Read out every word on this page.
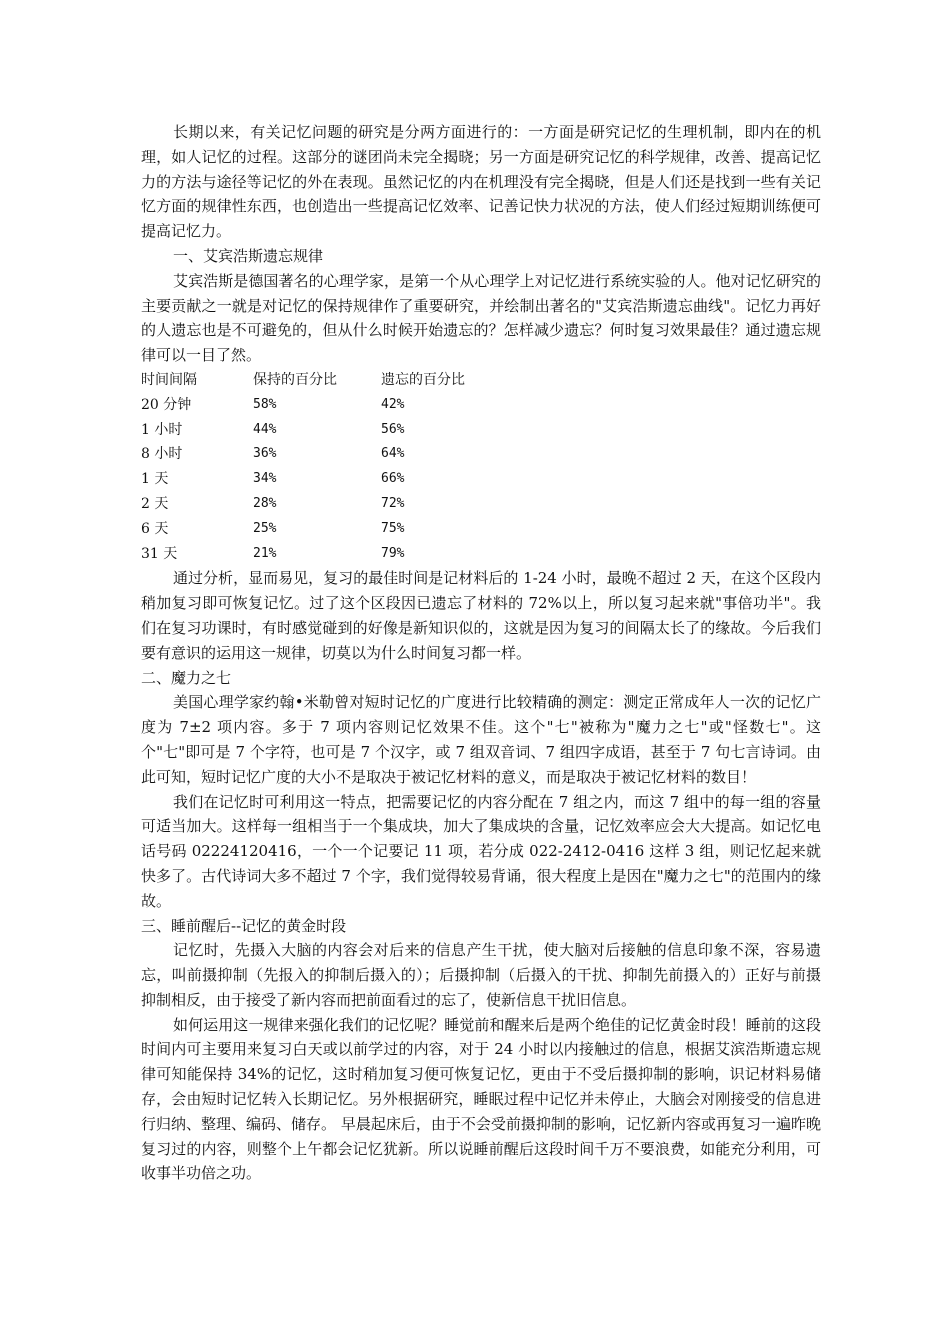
长期以来，有关记忆问题的研究是分两方面进行的：一方面是研究记忆的生理机制，即内在的机理，如人记忆的过程。这部分的谜团尚未完全揭晓；另一方面是研究记忆的科学规律，改善、提高记忆力的方法与途径等记忆的外在表现。虽然记忆的内在机理没有完全揭晓，但是人们还是找到一些有关记忆方面的规律性东西，也创造出一些提高记忆效率、记善记快力状况的方法，使人们经过短期训练便可提高记忆力。

一、艾宾浩斯遗忘规律

艾宾浩斯是德国著名的心理学家，是第一个从心理学上对记忆进行系统实验的人。他对记忆研究的主要贡献之一就是对记忆的保持规律作了重要研究，并绘制出著名的"艾宾浩斯遗忘曲线"。记忆力再好的人遗忘也是不可避免的，但从什么时候开始遗忘的？怎样减少遗忘？何时复习效果最佳？通过遗忘规律可以一目了然。

时间间隔	保持的百分比	遗忘的百分比
20 分钟	58%	42%
1 小时	44%	56%
8 小时	36%	64%
1 天	34%	66%
2 天	28%	72%
6 天	25%	75%
31 天	21%	79%

通过分析，显而易见，复习的最佳时间是记材料后的 1-24 小时，最晚不超过 2 天，在这个区段内稍加复习即可恢复记忆。过了这个区段因已遗忘了材料的 72%以上，所以复习起来就"事倍功半"。我们在复习功课时，有时感觉碰到的好像是新知识似的，这就是因为复习的间隔太长了的缘故。今后我们要有意识的运用这一规律，切莫以为什么时间复习都一样。

二、魔力之七

美国心理学家约翰•米勒曾对短时记忆的广度进行比较精确的测定：测定正常成年人一次的记忆广度为 7±2 项内容。多于 7 项内容则记忆效果不佳。这个"七"被称为"魔力之七"或"怪数七"。这个"七"即可是 7 个字符，也可是 7 个汉字，或 7 组双音词、7 组四字成语，甚至于 7 句七言诗词。由此可知，短时记忆广度的大小不是取决于被记忆材料的意义，而是取决于被记忆材料的数目！

我们在记忆时可利用这一特点，把需要记忆的内容分配在 7 组之内，而这 7 组中的每一组的容量可适当加大。这样每一组相当于一个集成块，加大了集成块的含量，记忆效率应会大大提高。如记忆电话号码 02224120416，一个一个记要记 11 项，若分成 022-2412-0416 这样 3 组，则记忆起来就快多了。古代诗词大多不超过 7 个字，我们觉得较易背诵，很大程度上是因在"魔力之七"的范围内的缘故。

三、睡前醒后--记忆的黄金时段

记忆时，先摄入大脑的内容会对后来的信息产生干扰，使大脑对后接触的信息印象不深，容易遗忘，叫前摄抑制（先报入的抑制后摄入的）；后摄抑制（后摄入的干扰、抑制先前摄入的）正好与前摄抑制相反，由于接受了新内容而把前面看过的忘了，使新信息干扰旧信息。

如何运用这一规律来强化我们的记忆呢？睡觉前和醒来后是两个绝佳的记忆黄金时段！睡前的这段时间内可主要用来复习白天或以前学过的内容，对于 24 小时以内接触过的信息，根据艾滨浩斯遗忘规律可知能保持 34%的记忆，这时稍加复习便可恢复记忆，更由于不受后摄抑制的影响，识记材料易储存，会由短时记忆转入长期记忆。另外根据研究，睡眠过程中记忆并未停止，大脑会对刚接受的信息进行归纳、整理、编码、储存。 早晨起床后，由于不会受前摄抑制的影响，记忆新内容或再复习一遍昨晚复习过的内容，则整个上午都会记忆犹新。所以说睡前醒后这段时间千万不要浪费，如能充分利用，可收事半功倍之功。
